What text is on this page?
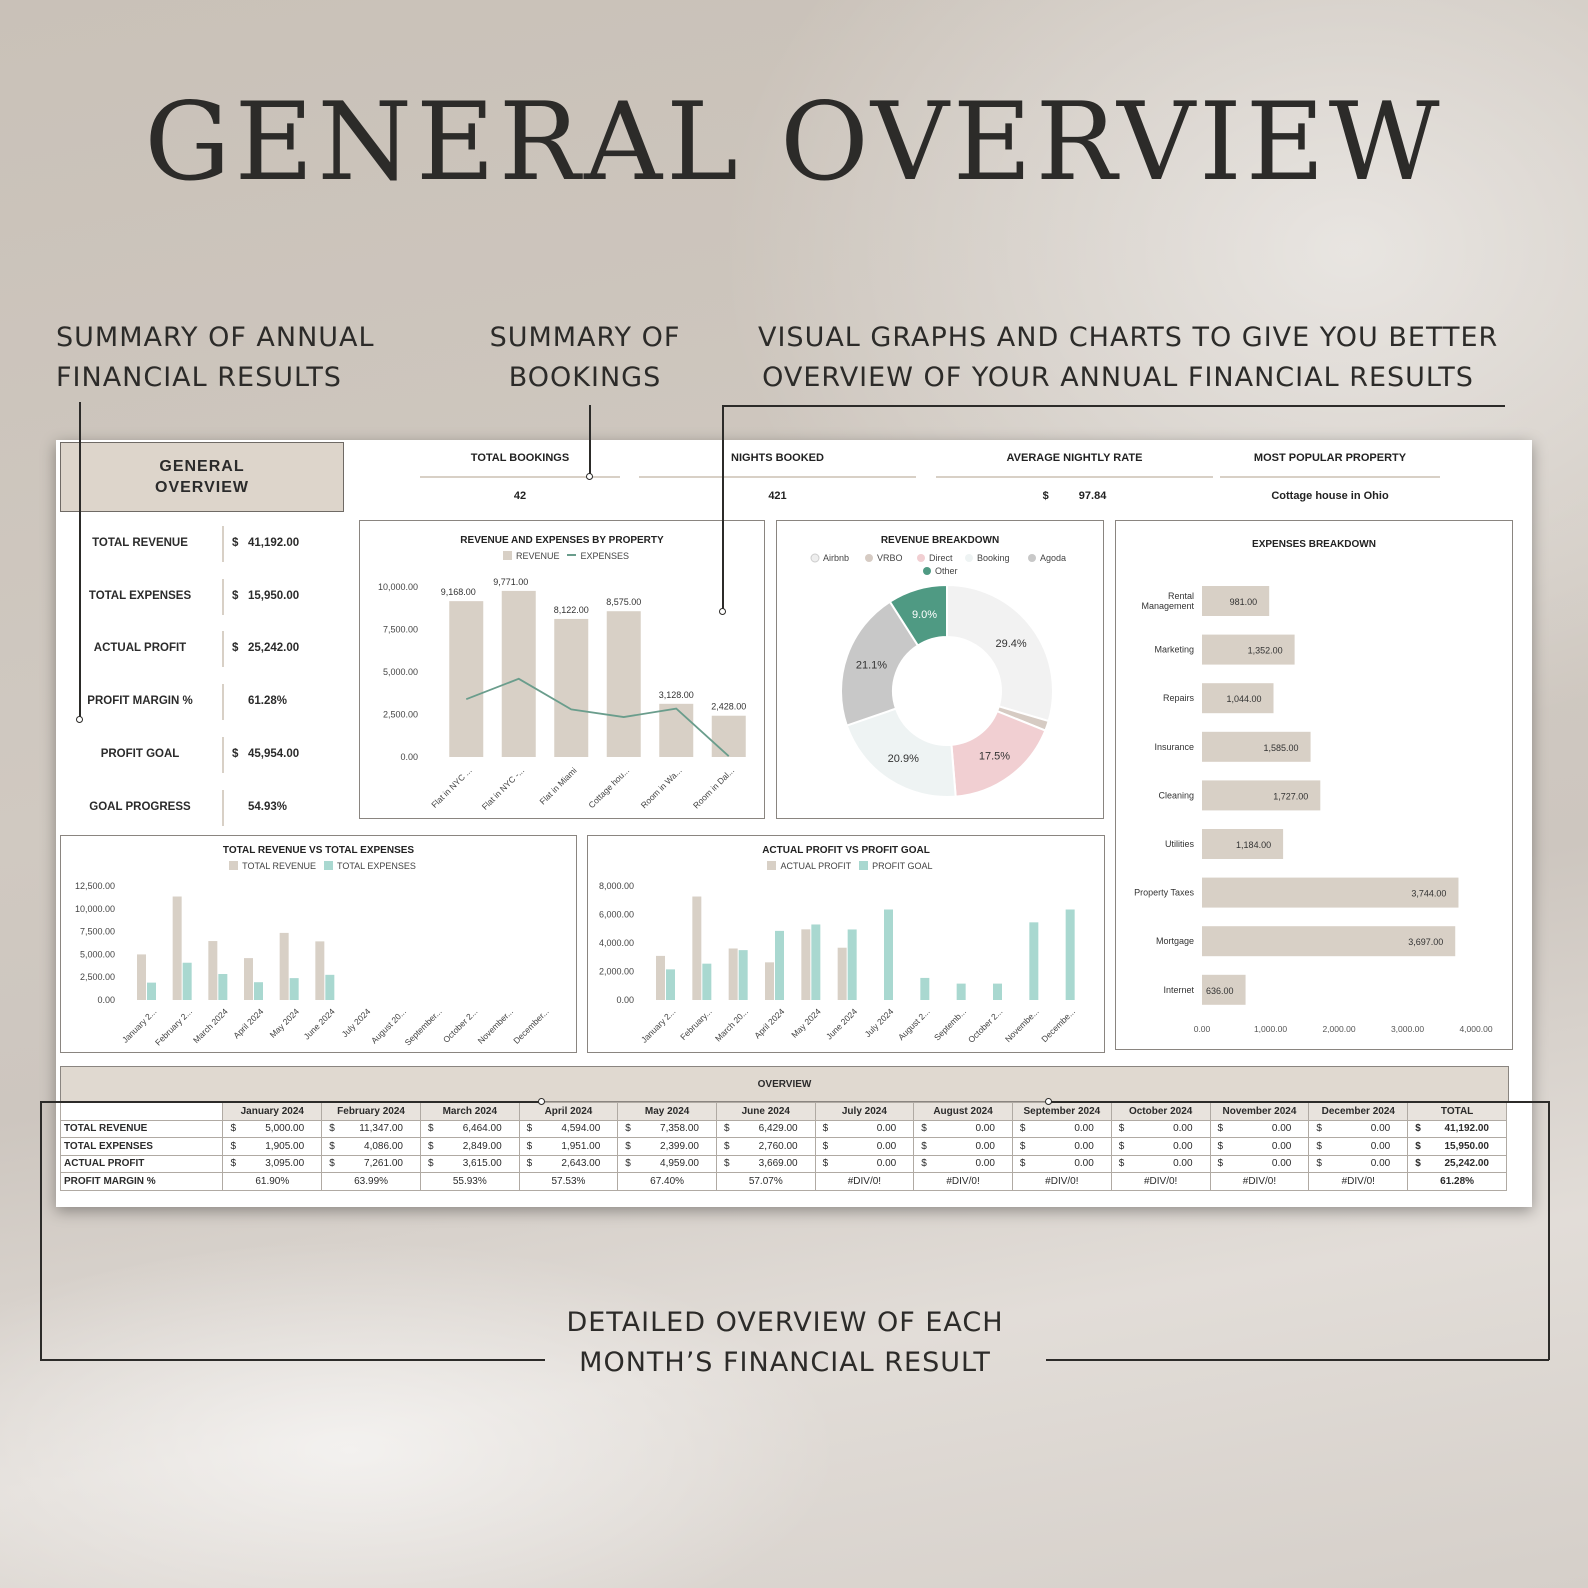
GENERAL OVERVIEW
SUMMARY OF ANNUAL
FINANCIAL RESULTS
SUMMARY OF
BOOKINGS
VISUAL GRAPHS AND CHARTS TO GIVE YOU BETTER
OVERVIEW OF YOUR ANNUAL FINANCIAL RESULTS
DETAILED OVERVIEW OF EACH
MONTH’S FINANCIAL RESULT
GENERAL
OVERVIEW
TOTAL BOOKINGS
42
NIGHTS BOOKED
421
AVERAGE NIGHTLY RATE
$	97.84
MOST POPULAR PROPERTY
Cottage house in Ohio
TOTAL REVENUE	$ 41,192.00
TOTAL EXPENSES	$ 15,950.00
ACTUAL PROFIT	$ 25,242.00
PROFIT MARGIN %	61.28%
PROFIT GOAL	$ 45,954.00
GOAL PROGRESS	54.93%
REVENUE AND EXPENSES BY PROPERTY
REVENUE EXPENSES
10,000.00
7,500.00
5,000.00
2,500.00
0.00
9,168.00
Flat in NYC ...
9,771.00
Flat in NYC -...
8,122.00
Flat in Miami
8,575.00
Cottage hou...
3,128.00
Room in Wa...
2,428.00
Room in Dal...
REVENUE BREAKDOWN
Airbnb	VRBO	Direct	Booking	Agoda
Other
29.4%
17.5%
20.9%
21.1%
9.0%
EXPENSES BREAKDOWN
Rental
Management	981.00
Marketing	1,352.00
Repairs	1,044.00
Insurance	1,585.00
Cleaning	1,727.00
Utilities	1,184.00
Property Taxes	3,744.00
Mortgage	3,697.00
Internet 636.00
0.00	1,000.00	2,000.00	3,000.00	4,000.00
TOTAL REVENUE VS TOTAL EXPENSES
TOTAL REVENUE TOTAL EXPENSES
12,500.00
10,000.00
7,500.00
5,000.00
2,500.00
0.00
January 2...
February 2...
March 2024 April 2024 May 2024 June 2024 July 2024
August 20...
September...
October 2...
November...
December...
ACTUAL PROFIT VS PROFIT GOAL
ACTUAL PROFIT PROFIT GOAL
8,000.00
6,000.00
4,000.00
2,000.00
0.00
January 2... February... March 20... April 2024 May 2024 June 2024 July 2024 August 2... Septemb...
October 2...
Novembe...
Decembe...
OVERVIEW
	January 2024	February 2024	March 2024	April 2024	May 2024	June 2024	July 2024	August 2024	September 2024	October 2024	November 2024	December 2024	TOTAL
TOTAL REVENUE	$ 5,000.00	$ 11,347.00	$ 6,464.00	$ 4,594.00	$ 7,358.00	$ 6,429.00	$ 0.00	$ 0.00	$ 0.00	$ 0.00	$ 0.00	$ 0.00	$ 41,192.00

TOTAL EXPENSES	$ 1,905.00	$ 4,086.00	$ 2,849.00	$ 1,951.00	$ 2,399.00	$ 2,760.00	$ 0.00	$ 0.00	$ 0.00	$ 0.00	$ 0.00	$ 0.00	$ 15,950.00

ACTUAL PROFIT	$ 3,095.00	$ 7,261.00	$ 3,615.00	$ 2,643.00	$ 4,959.00	$ 3,669.00	$ 0.00	$ 0.00	$ 0.00	$ 0.00	$ 0.00	$ 0.00	$ 25,242.00

PROFIT MARGIN %	61.90%	63.99%	55.93%	57.53%	67.40%	57.07%	#DIV/0!	#DIV/0!	#DIV/0!	#DIV/0!	#DIV/0!	#DIV/0!	61.28%
